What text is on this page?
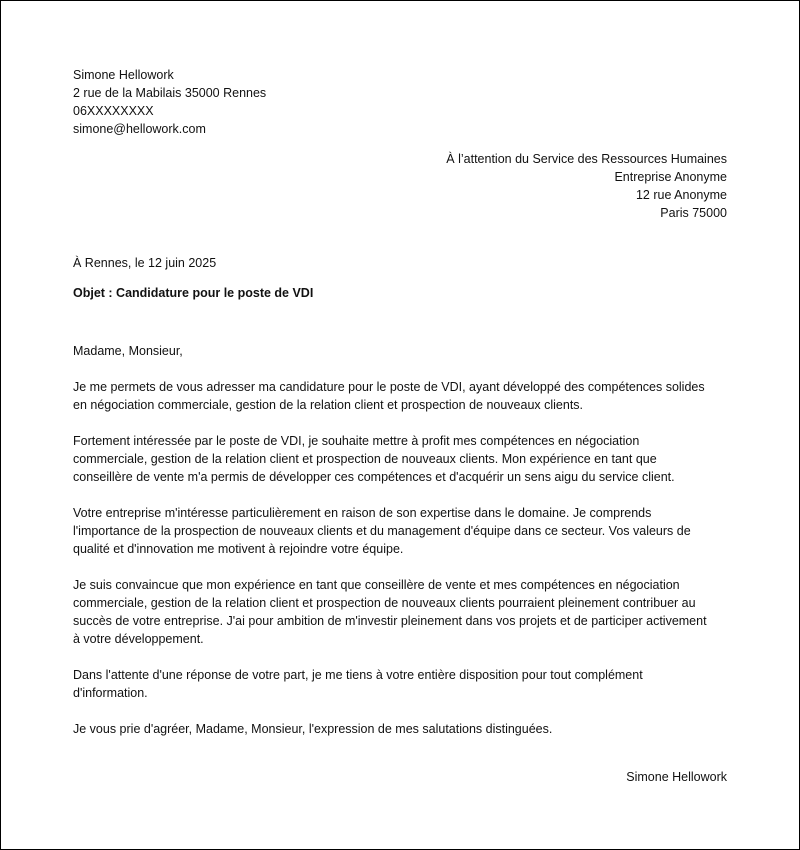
Simone Hellowork
2 rue de la Mabilais 35000 Rennes
06XXXXXXXX
simone@hellowork.com
À l’attention du Service des Ressources Humaines
Entreprise Anonyme
12 rue Anonyme
Paris 75000
À Rennes, le 12 juin 2025
Objet : Candidature pour le poste de VDI

Madame, Monsieur,

Je me permets de vous adresser ma candidature pour le poste de VDI, ayant développé des compétences solides
en négociation commerciale, gestion de la relation client et prospection de nouveaux clients.

Fortement intéressée par le poste de VDI, je souhaite mettre à profit mes compétences en négociation
commerciale, gestion de la relation client et prospection de nouveaux clients. Mon expérience en tant que
conseillère de vente m'a permis de développer ces compétences et d'acquérir un sens aigu du service client.

Votre entreprise m'intéresse particulièrement en raison de son expertise dans le domaine. Je comprends
l'importance de la prospection de nouveaux clients et du management d'équipe dans ce secteur. Vos valeurs de
qualité et d'innovation me motivent à rejoindre votre équipe.

Je suis convaincue que mon expérience en tant que conseillère de vente et mes compétences en négociation
commerciale, gestion de la relation client et prospection de nouveaux clients pourraient pleinement contribuer au
succès de votre entreprise. J'ai pour ambition de m'investir pleinement dans vos projets et de participer activement
à votre développement.

Dans l'attente d'une réponse de votre part, je me tiens à votre entière disposition pour tout complément
d'information.

Je vous prie d'agréer, Madame, Monsieur, l'expression de mes salutations distinguées.

Simone Hellowork
